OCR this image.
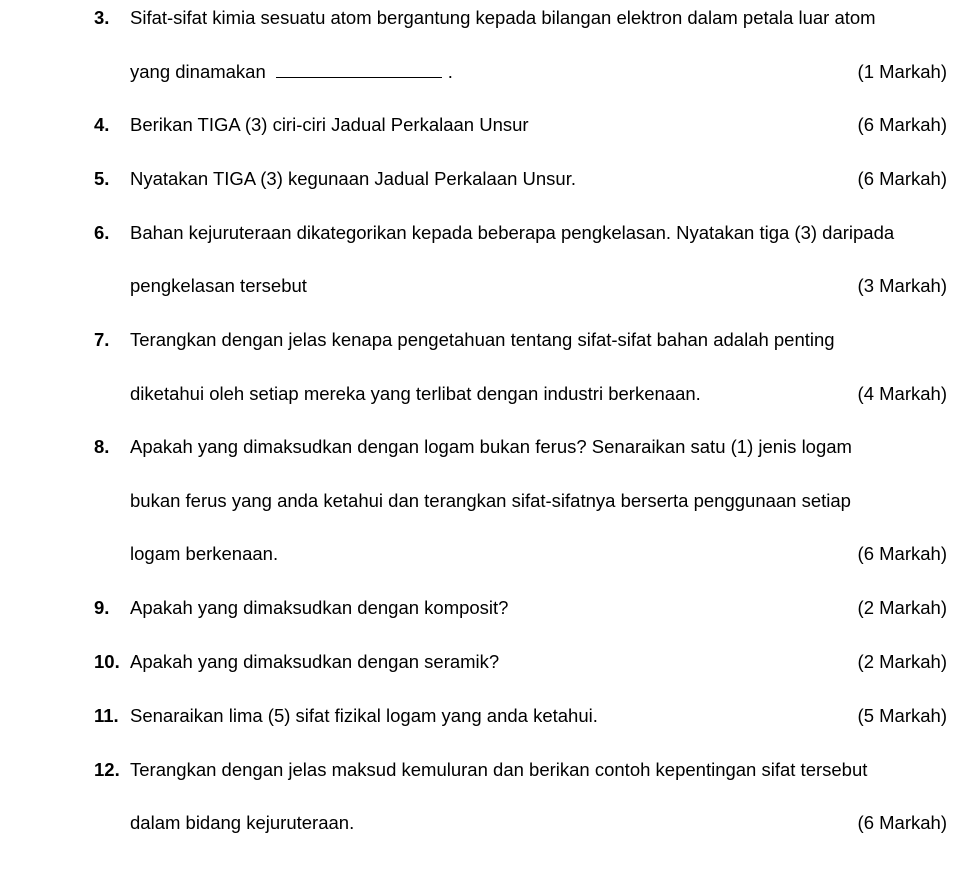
3. Sifat-sifat kimia sesuatu atom bergantung kepada bilangan elektron dalam petala luar atom
yang dinamakan	.	(1 Markah)
4. Berikan TIGA (3) ciri-ciri Jadual Perkalaan Unsur	(6 Markah)
5. Nyatakan TIGA (3) kegunaan Jadual Perkalaan Unsur.	(6 Markah)
6. Bahan kejuruteraan dikategorikan kepada beberapa pengkelasan. Nyatakan tiga (3) daripada
pengkelasan tersebut	(3 Markah)
7. Terangkan dengan jelas kenapa pengetahuan tentang sifat-sifat bahan adalah penting
diketahui oleh setiap mereka yang terlibat dengan industri berkenaan.	(4 Markah)
8. Apakah yang dimaksudkan dengan logam bukan ferus? Senaraikan satu (1) jenis logam
bukan ferus yang anda ketahui dan terangkan sifat-sifatnya berserta penggunaan setiap
logam berkenaan.	(6 Markah)
9. Apakah yang dimaksudkan dengan komposit?	(2 Markah)
10. Apakah yang dimaksudkan dengan seramik?	(2 Markah)
11. Senaraikan lima (5) sifat fizikal logam yang anda ketahui.	(5 Markah)
12. Terangkan dengan jelas maksud kemuluran dan berikan contoh kepentingan sifat tersebut
dalam bidang kejuruteraan.	(6 Markah)
